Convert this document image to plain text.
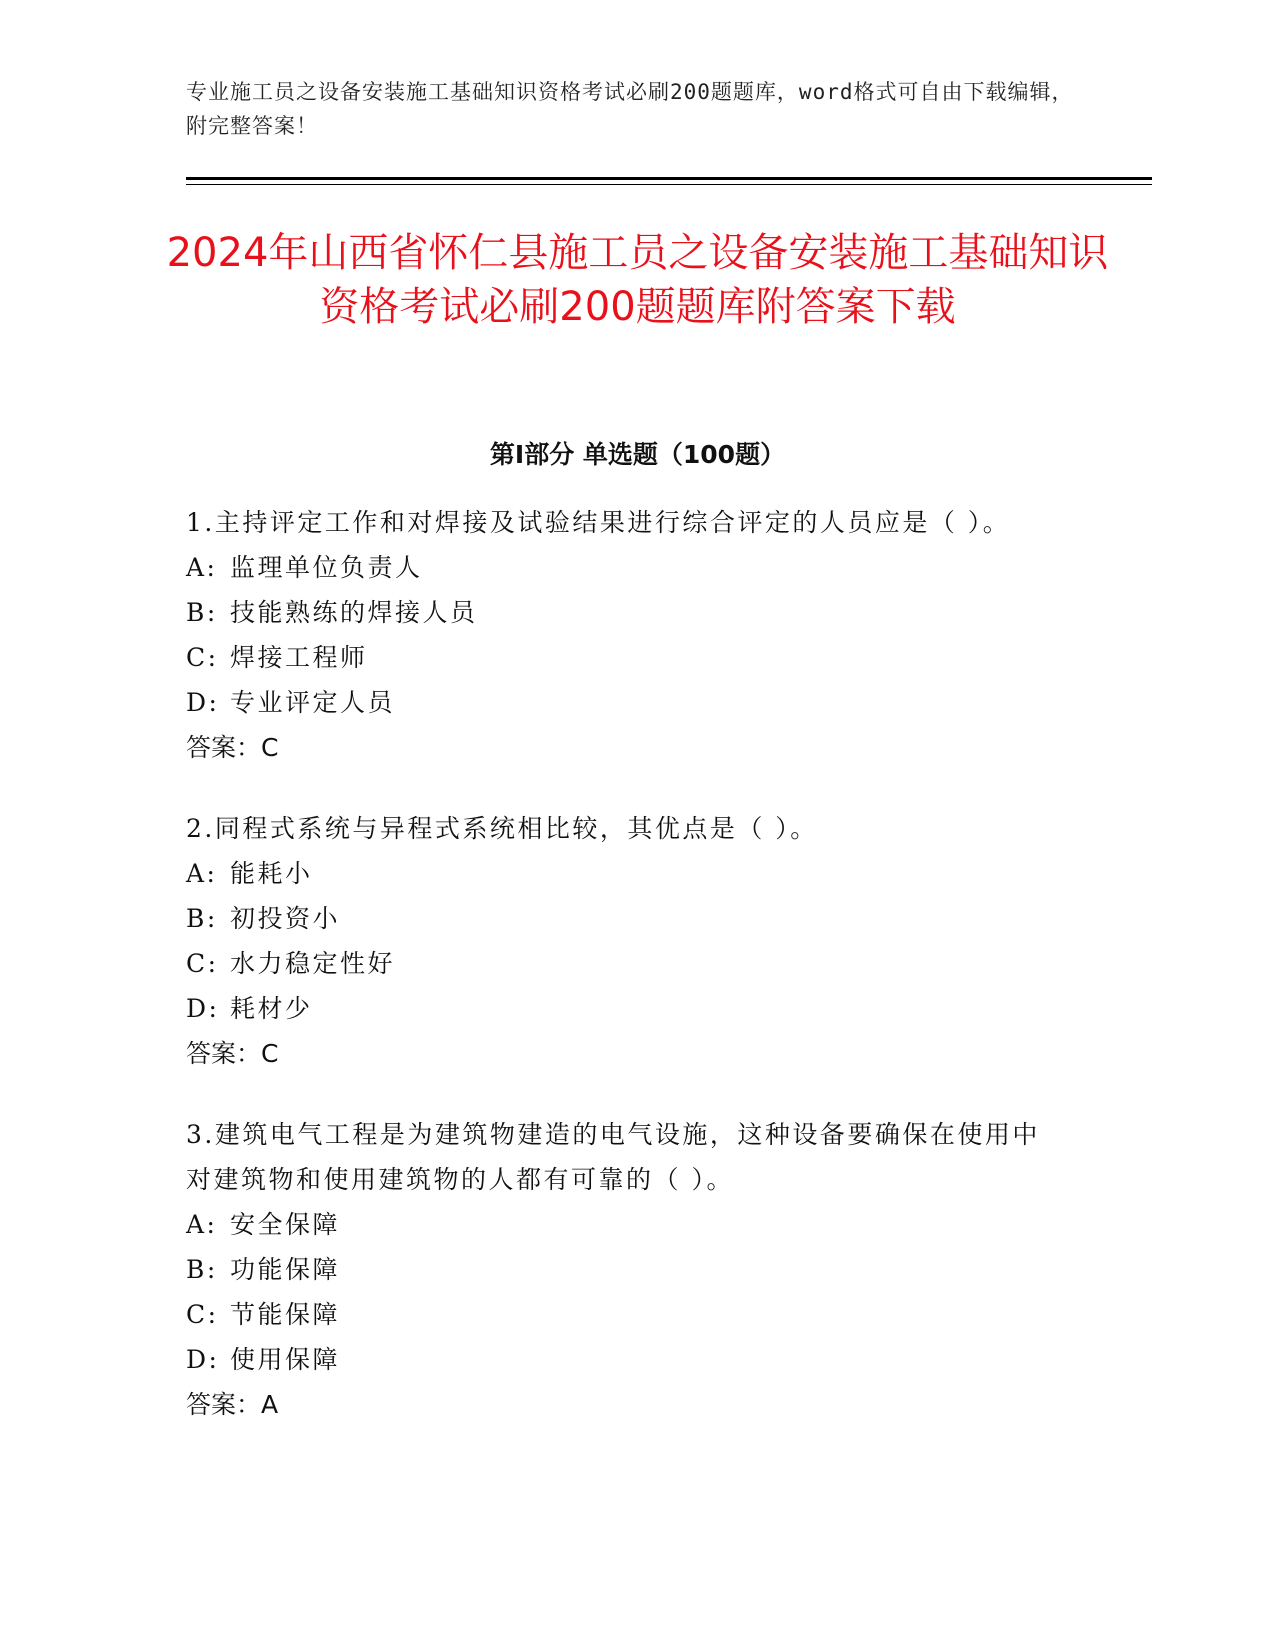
专业施工员之设备安装施工基础知识资格考试必刷200题题库，word格式可自由下载编辑，附完整答案！
2024年山西省怀仁县施工员之设备安装施工基础知识资格考试必刷200题题库附答案下载
第Ⅰ部分 单选题（100题）
1.主持评定工作和对焊接及试验结果进行综合评定的人员应是（ ）。
A: 监理单位负责人
B: 技能熟练的焊接人员
C: 焊接工程师
D: 专业评定人员
答案：C
2.同程式系统与异程式系统相比较，其优点是（ ）。
A: 能耗小
B: 初投资小
C: 水力稳定性好
D: 耗材少
答案：C
3.建筑电气工程是为建筑物建造的电气设施，这种设备要确保在使用中对建筑物和使用建筑物的人都有可靠的（ ）。
A: 安全保障
B: 功能保障
C: 节能保障
D: 使用保障
答案：A
